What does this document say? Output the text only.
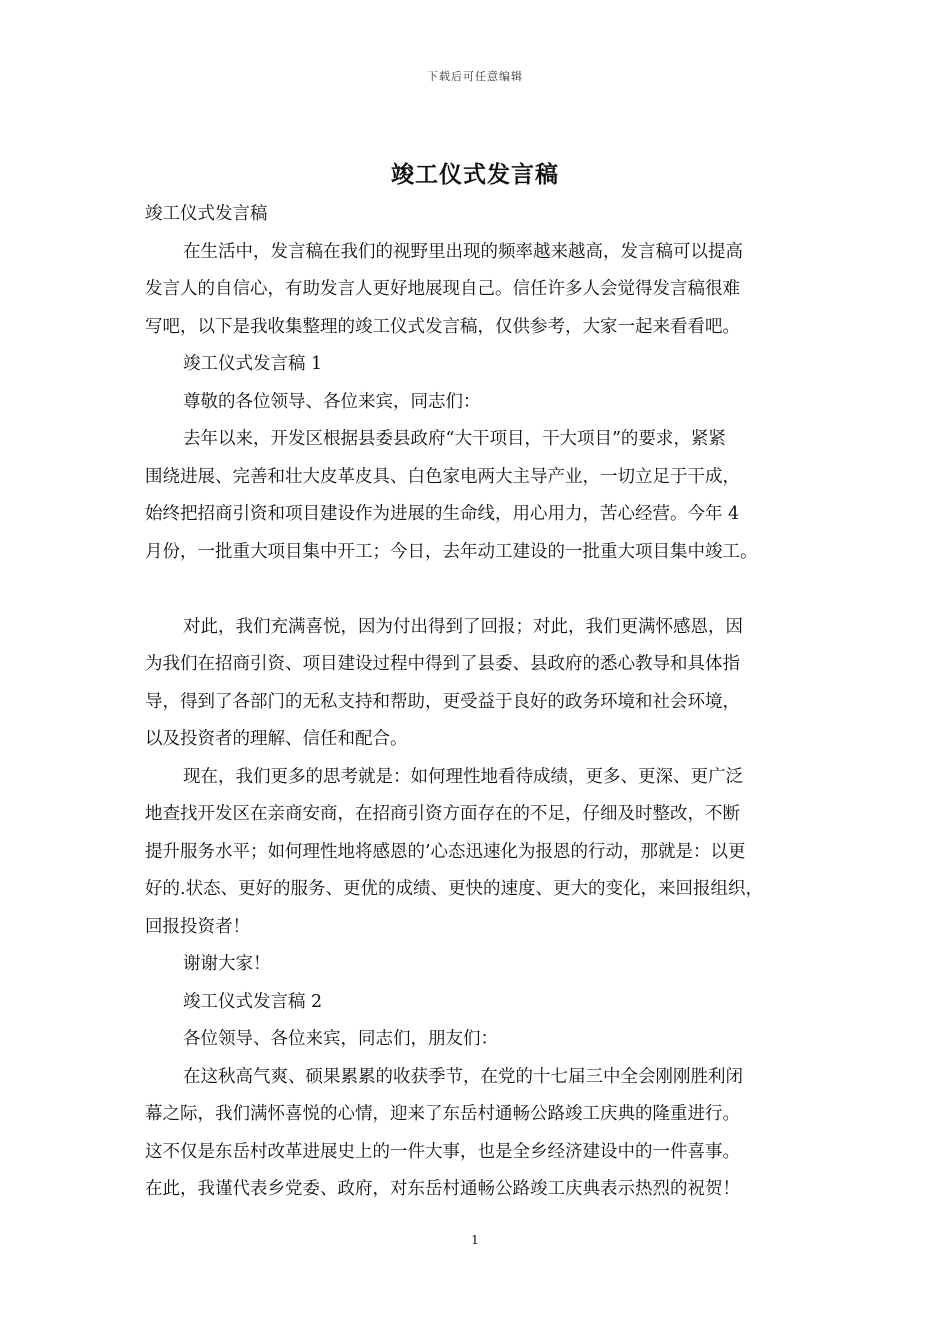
下载后可任意编辑
竣工仪式发言稿
竣工仪式发言稿
在生活中，发言稿在我们的视野里出现的频率越来越高，发言稿可以提高
发言人的自信心，有助发言人更好地展现自己。信任许多人会觉得发言稿很难
写吧，以下是我收集整理的竣工仪式发言稿，仅供参考，大家一起来看看吧。
竣工仪式发言稿 1
尊敬的各位领导、各位来宾，同志们：
去年以来，开发区根据县委县政府“大干项目，干大项目”的要求，紧紧
围绕进展、完善和壮大皮革皮具、白色家电两大主导产业，一切立足于干成，
始终把招商引资和项目建设作为进展的生命线，用心用力，苦心经营。今年 4
月份，一批重大项目集中开工；今日，去年动工建设的一批重大项目集中竣工。
对此，我们充满喜悦，因为付出得到了回报；对此，我们更满怀感恩，因
为我们在招商引资、项目建设过程中得到了县委、县政府的悉心教导和具体指
导，得到了各部门的无私支持和帮助，更受益于良好的政务环境和社会环境，
以及投资者的理解、信任和配合。
现在，我们更多的思考就是：如何理性地看待成绩，更多、更深、更广泛
地查找开发区在亲商安商，在招商引资方面存在的不足，仔细及时整改，不断
提升服务水平；如何理性地将感恩的’心态迅速化为报恩的行动，那就是：以更
好的.状态、更好的服务、更优的成绩、更快的速度、更大的变化，来回报组织，
回报投资者！
谢谢大家！
竣工仪式发言稿 2
各位领导、各位来宾，同志们，朋友们：
在这秋高气爽、硕果累累的收获季节，在党的十七届三中全会刚刚胜利闭
幕之际，我们满怀喜悦的心情，迎来了东岳村通畅公路竣工庆典的隆重进行。
这不仅是东岳村改革进展史上的一件大事，也是全乡经济建设中的一件喜事。
在此，我谨代表乡党委、政府，对东岳村通畅公路竣工庆典表示热烈的祝贺！
1
